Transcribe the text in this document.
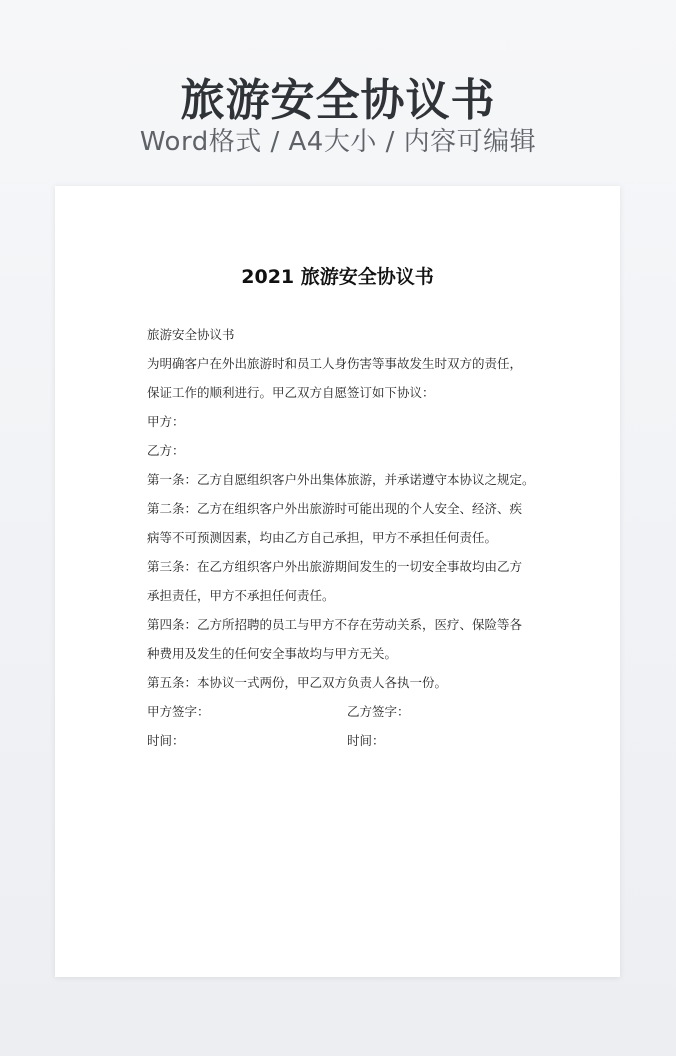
旅游安全协议书
Word格式 / A4大小 / 内容可编辑
2021 旅游安全协议书
旅游安全协议书
为明确客户在外出旅游时和员工人身伤害等事故发生时双方的责任，
保证工作的顺利进行。甲乙双方自愿签订如下协议：
甲方：
乙方：
第一条：乙方自愿组织客户外出集体旅游，并承诺遵守本协议之规定。
第二条：乙方在组织客户外出旅游时可能出现的个人安全、经济、疾
病等不可预测因素，均由乙方自己承担，甲方不承担任何责任。
第三条：在乙方组织客户外出旅游期间发生的一切安全事故均由乙方
承担责任，甲方不承担任何责任。
第四条：乙方所招聘的员工与甲方不存在劳动关系，医疗、保险等各
种费用及发生的任何安全事故均与甲方无关。
第五条：本协议一式两份，甲乙双方负责人各执一份。
甲方签字：	乙方签字：
时间：	时间：
